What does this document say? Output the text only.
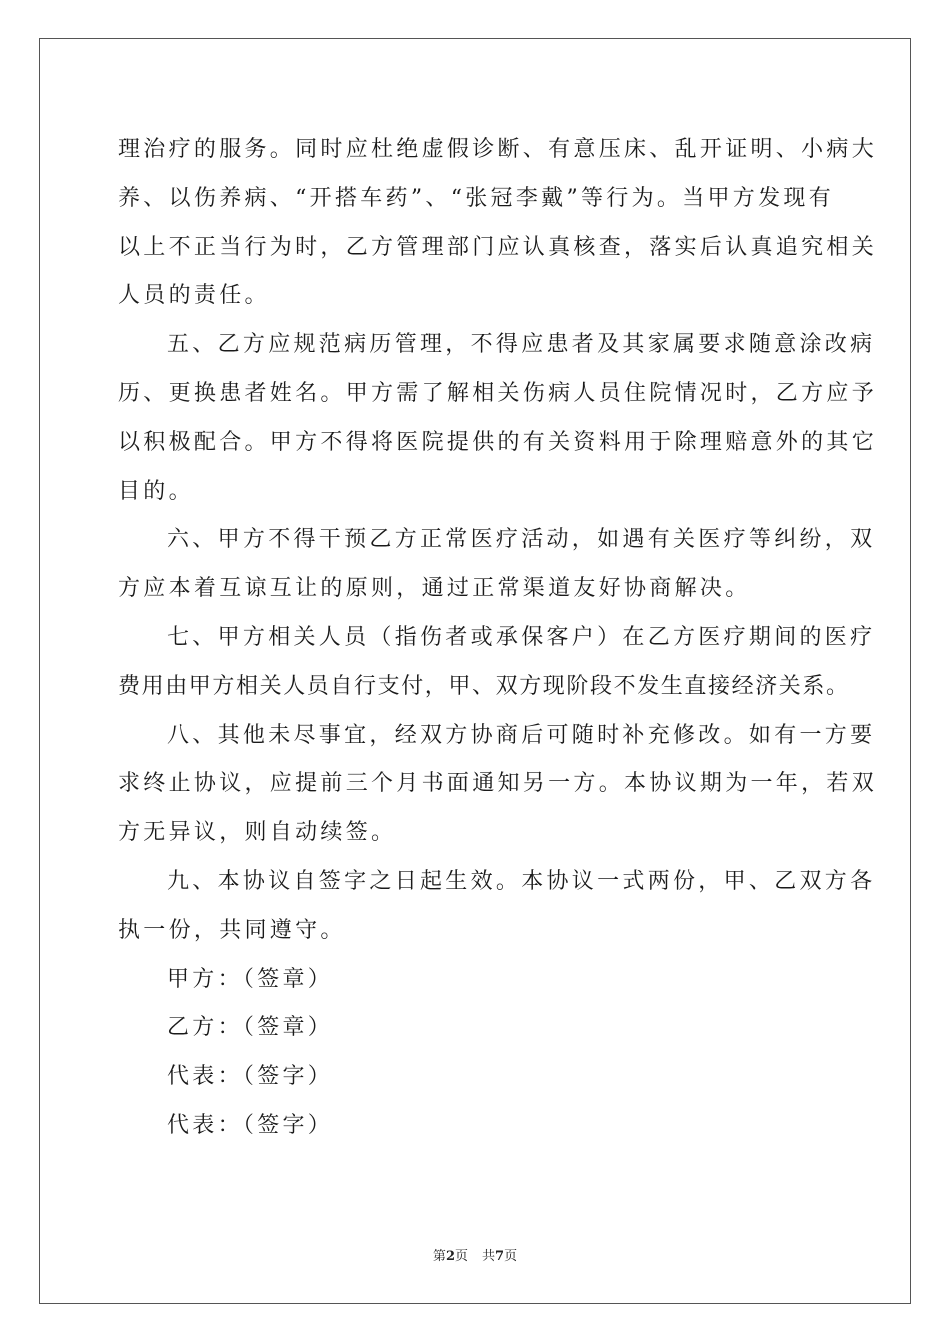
理治疗的服务。同时应杜绝虚假诊断、有意压床、乱开证明、小病大
养、以伤养病、“开搭车药”、“张冠李戴”等行为。当甲方发现有
以上不正当行为时，乙方管理部门应认真核查，落实后认真追究相关
人员的责任。
五、乙方应规范病历管理，不得应患者及其家属要求随意涂改病
历、更换患者姓名。甲方需了解相关伤病人员住院情况时，乙方应予
以积极配合。甲方不得将医院提供的有关资料用于除理赔意外的其它
目的。
六、甲方不得干预乙方正常医疗活动，如遇有关医疗等纠纷，双
方应本着互谅互让的原则，通过正常渠道友好协商解决。
七、甲方相关人员（指伤者或承保客户）在乙方医疗期间的医疗
费用由甲方相关人员自行支付，甲、双方现阶段不发生直接经济关系。
八、其他未尽事宜，经双方协商后可随时补充修改。如有一方要
求终止协议，应提前三个月书面通知另一方。本协议期为一年，若双
方无异议，则自动续签。
九、本协议自签字之日起生效。本协议一式两份，甲、乙双方各
执一份，共同遵守。
甲方：（签章）
乙方：（签章）
代表：（签字）
代表：（签字）
第2页 共7页
